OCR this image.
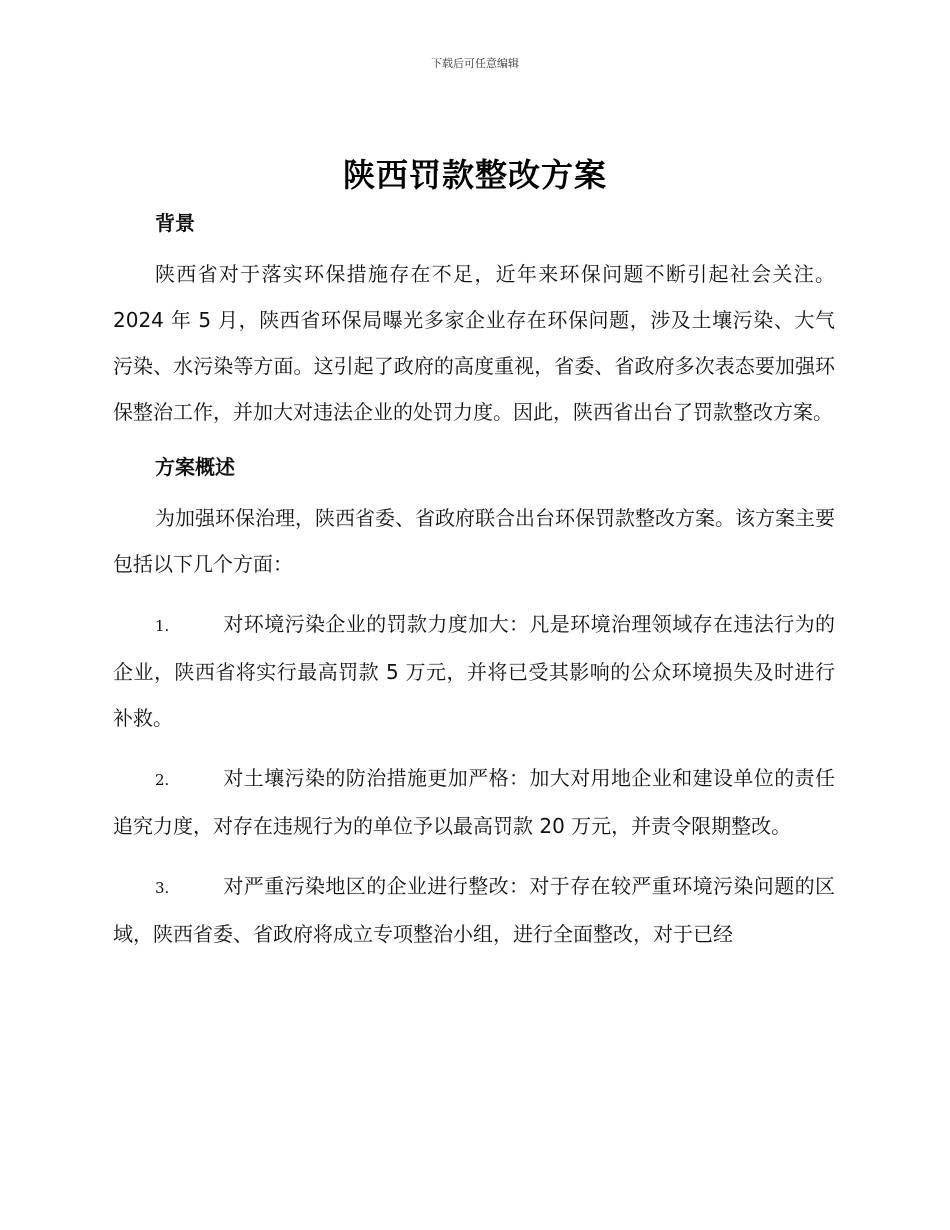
下载后可任意编辑
陕西罚款整改方案

背景

陕西省对于落实环保措施存在不足，近年来环保问题不断引起社会关注。2024 年 5 月，陕西省环保局曝光多家企业存在环保问题，涉及土壤污染、大气污染、水污染等方面。这引起了政府的高度重视，省委、省政府多次表态要加强环保整治工作，并加大对违法企业的处罚力度。因此，陕西省出台了罚款整改方案。

方案概述

为加强环保治理，陕西省委、省政府联合出台环保罚款整改方案。该方案主要包括以下几个方面：

1.	对环境污染企业的罚款力度加大：凡是环境治理领域存在违法行为的企业，陕西省将实行最高罚款 5 万元，并将已受其影响的公众环境损失及时进行补救。

2.	对土壤污染的防治措施更加严格：加大对用地企业和建设单位的责任追究力度，对存在违规行为的单位予以最高罚款 20 万元，并责令限期整改。

3.	对严重污染地区的企业进行整改：对于存在较严重环境污染问题的区域，陕西省委、省政府将成立专项整治小组，进行全面整改，对于已经
